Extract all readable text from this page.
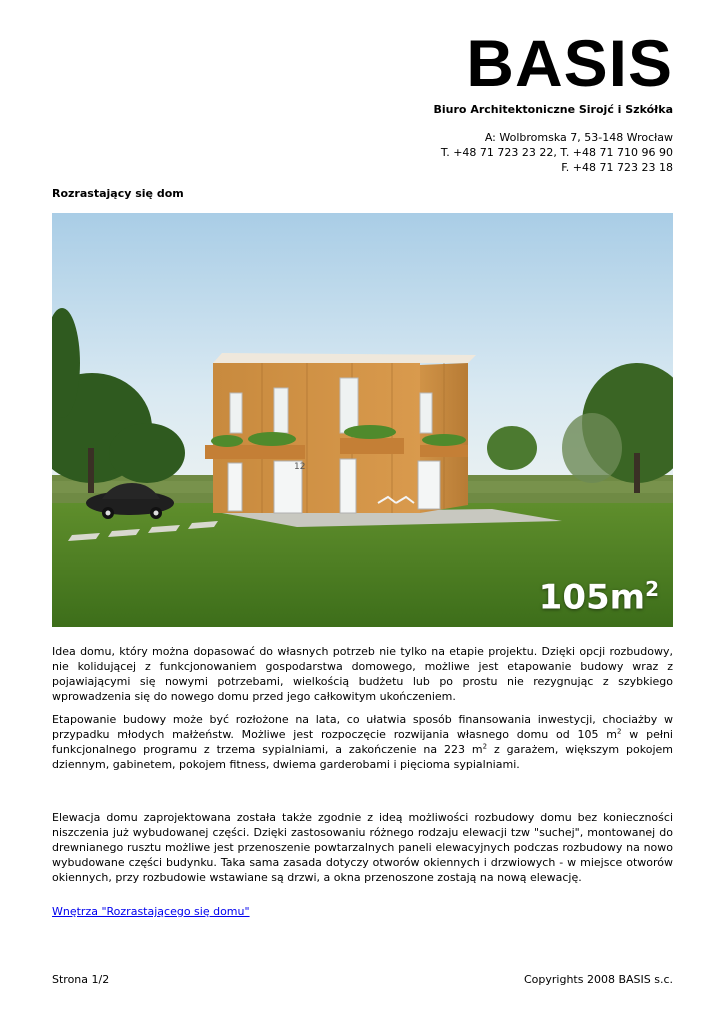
BASIS
Biuro Architektoniczne Sirojć i Szkółka
A: Wolbromska 7, 53-148 Wrocław
T. +48 71 723 23 22, T. +48 71 710 96 90
F. +48 71 723 23 18
Rozrastający się dom
12
$105m^2$
Idea domu, który można dopasować do własnych potrzeb nie tylko na etapie projektu. Dzięki opcji rozbudowy, nie kolidującej z funkcjonowaniem gospodarstwa domowego, możliwe jest etapowanie budowy wraz z pojawiającymi się nowymi potrzebami, wielkością budżetu lub po prostu nie rezygnując z szybkiego wprowadzenia się do nowego domu przed jego całkowitym ukończeniem.
Etapowanie budowy może być rozłożone na lata, co ułatwia sposób finansowania inwestycji, chociażby w przypadku młodych małżeństw. Możliwe jest rozpoczęcie rozwijania własnego domu od 105 $m^2$ w pełni funkcjonalnego programu z trzema sypialniami, a zakończenie na 223 $m^2$ z garażem, większym pokojem dziennym, gabinetem, pokojem fitness, dwiema garderobami i pięcioma sypialniami.
Elewacja domu zaprojektowana została także zgodnie z ideą możliwości rozbudowy domu bez konieczności niszczenia już wybudowanej części. Dzięki zastosowaniu różnego rodzaju elewacji tzw "suchej", montowanej do drewnianego rusztu możliwe jest przenoszenie powtarzalnych paneli elewacyjnych podczas rozbudowy na nowo wybudowane części budynku. Taka sama zasada dotyczy otworów okiennych i drzwiowych - w miejsce otworów okiennych, przy rozbudowie wstawiane są drzwi, a okna przenoszone zostają na nową elewację.
Wnętrza "Rozrastającego się domu"
Strona 1/2	Copyrights 2008 BASIS s.c.
